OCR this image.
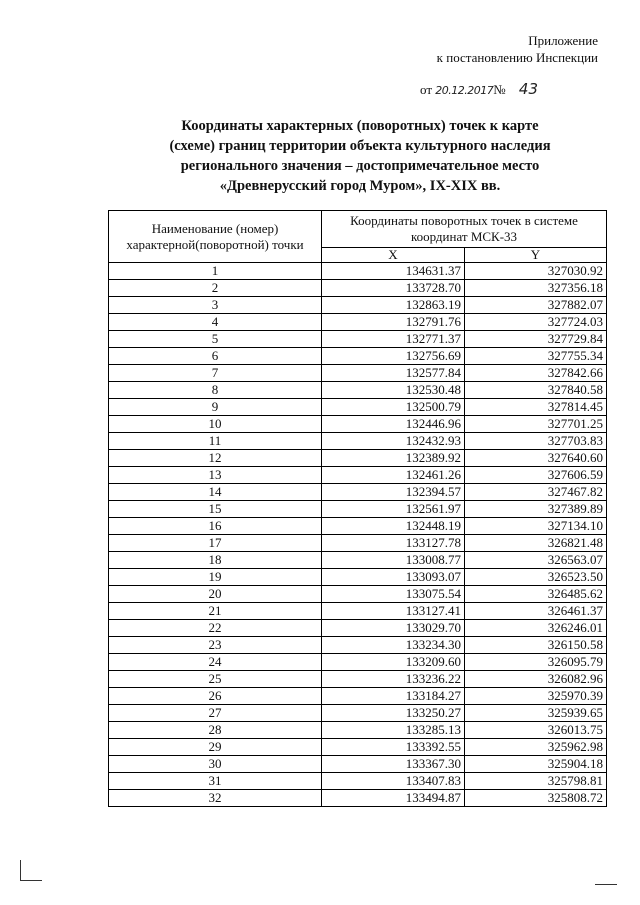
Приложение
к постановлению Инспекции
от 20.12.2017№ 43
Координаты характерных (поворотных) точек к карте
(схеме) границ территории объекта культурного наследия
регионального значения – достопримечательное место
«Древнерусский город Муром», IX-XIX вв.
Наименование (номер) характерной(поворотной) точки	Координаты поворотных точек в системе координат МСК-33	
	X	Y
1	134631.37	327030.92
2	133728.70	327356.18
3	132863.19	327882.07
4	132791.76	327724.03
5	132771.37	327729.84
6	132756.69	327755.34
7	132577.84	327842.66
8	132530.48	327840.58
9	132500.79	327814.45
10	132446.96	327701.25
11	132432.93	327703.83
12	132389.92	327640.60
13	132461.26	327606.59
14	132394.57	327467.82
15	132561.97	327389.89
16	132448.19	327134.10
17	133127.78	326821.48
18	133008.77	326563.07
19	133093.07	326523.50
20	133075.54	326485.62
21	133127.41	326461.37
22	133029.70	326246.01
23	133234.30	326150.58
24	133209.60	326095.79
25	133236.22	326082.96
26	133184.27	325970.39
27	133250.27	325939.65
28	133285.13	326013.75
29	133392.55	325962.98
30	133367.30	325904.18
31	133407.83	325798.81
32	133494.87	325808.72
